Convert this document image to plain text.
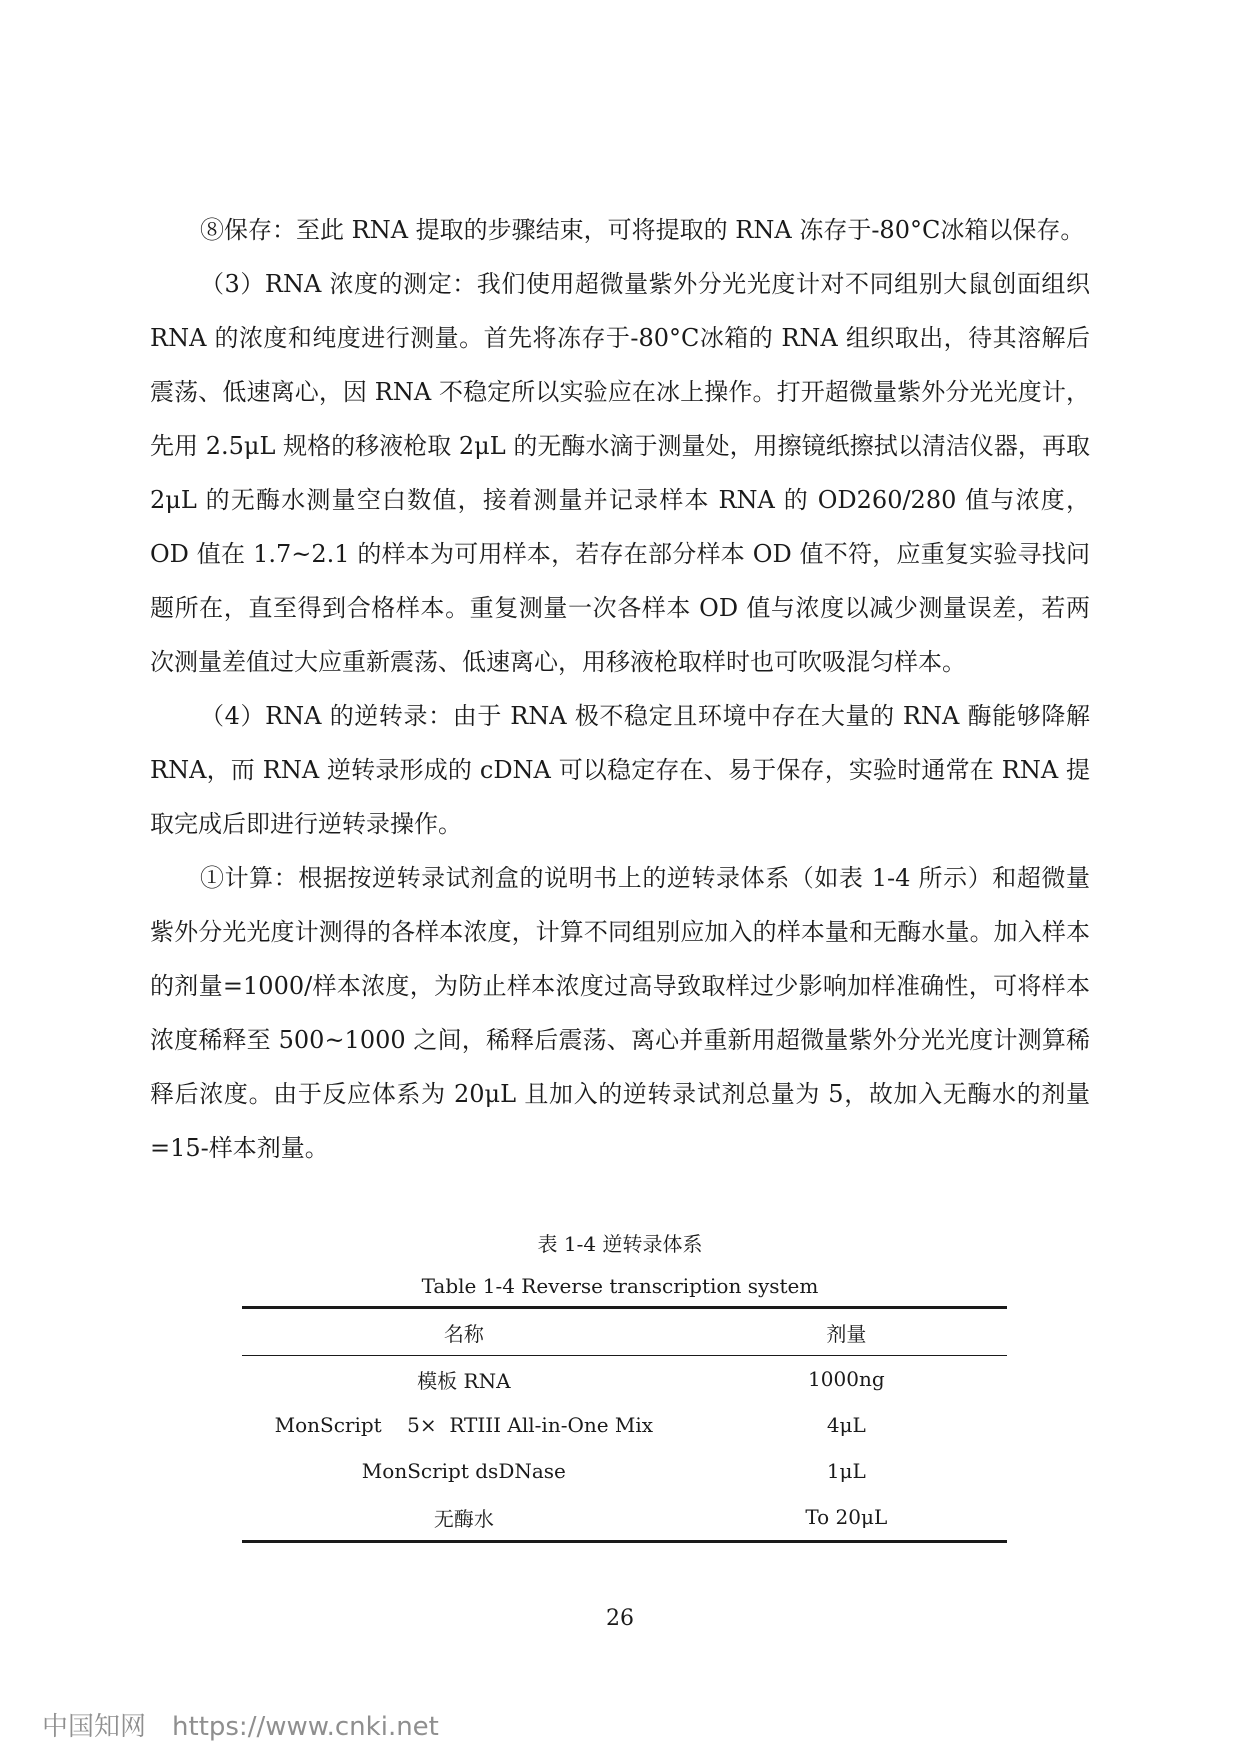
⑧保存：至此 RNA 提取的步骤结束，可将提取的 RNA 冻存于-80°C冰箱以保存。

（3）RNA 浓度的测定：我们使用超微量紫外分光光度计对不同组别大鼠创面组织 RNA 的浓度和纯度进行测量。首先将冻存于-80°C冰箱的 RNA 组织取出，待其溶解后震荡、低速离心，因 RNA 不稳定所以实验应在冰上操作。打开超微量紫外分光光度计，先用 2.5μL 规格的移液枪取 2μL 的无酶水滴于测量处，用擦镜纸擦拭以清洁仪器，再取 2μL 的无酶水测量空白数值，接着测量并记录样本 RNA 的 OD260/280 值与浓度，OD 值在 1.7~2.1 的样本为可用样本，若存在部分样本 OD 值不符，应重复实验寻找问题所在，直至得到合格样本。重复测量一次各样本 OD 值与浓度以减少测量误差，若两次测量差值过大应重新震荡、低速离心，用移液枪取样时也可吹吸混匀样本。

（4）RNA 的逆转录：由于 RNA 极不稳定且环境中存在大量的 RNA 酶能够降解 RNA，而 RNA 逆转录形成的 cDNA 可以稳定存在、易于保存，实验时通常在 RNA 提取完成后即进行逆转录操作。

①计算：根据按逆转录试剂盒的说明书上的逆转录体系（如表 1-4 所示）和超微量紫外分光光度计测得的各样本浓度，计算不同组别应加入的样本量和无酶水量。加入样本的剂量=1000/样本浓度，为防止样本浓度过高导致取样过少影响加样准确性，可将样本浓度稀释至 500~1000 之间，稀释后震荡、离心并重新用超微量紫外分光光度计测算稀释后浓度。由于反应体系为 20μL 且加入的逆转录试剂总量为 5，故加入无酶水的剂量=15-样本剂量。

表 1-4 逆转录体系

Table 1-4 Reverse transcription system

名称	剂量
模板 RNA	1000ng
MonScript    5×  RTIII All-in-One Mix	4μL
MonScript dsDNase	1μL
无酶水	To 20μL
26
中国知网 https://www.cnki.net
